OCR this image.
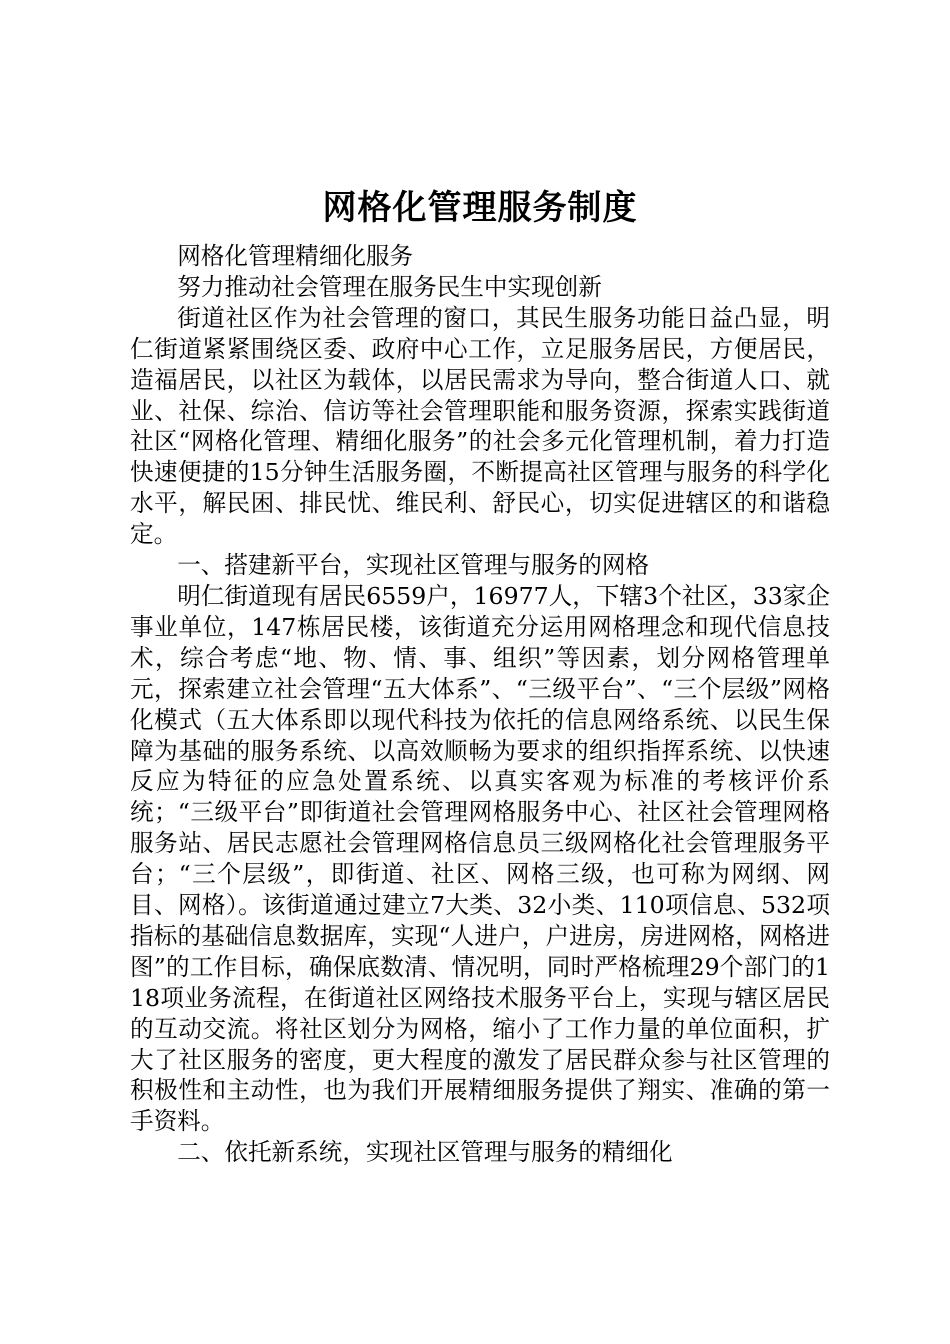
网格化管理服务制度

网格化管理精细化服务

努力推动社会管理在服务民生中实现创新

街道社区作为社会管理的窗口，其民生服务功能日益凸显，明仁街道紧紧围绕区委、政府中心工作，立足服务居民，方便居民，造福居民，以社区为载体，以居民需求为导向，整合街道人口、就业、社保、综治、信访等社会管理职能和服务资源，探索实践街道社区“网格化管理、精细化服务”的社会多元化管理机制，着力打造快速便捷的15分钟生活服务圈，不断提高社区管理与服务的科学化水平，解民困、排民忧、维民利、舒民心，切实促进辖区的和谐稳定。

一、搭建新平台，实现社区管理与服务的网格

明仁街道现有居民6559户，16977人，下辖3个社区，33家企事业单位，147栋居民楼，该街道充分运用网格理念和现代信息技术，综合考虑“地、物、情、事、组织”等因素，划分网格管理单元，探索建立社会管理“五大体系”、“三级平台”、“三个层级”网格化模式（五大体系即以现代科技为依托的信息网络系统、以民生保障为基础的服务系统、以高效顺畅为要求的组织指挥系统、以快速反应为特征的应急处置系统、以真实客观为标准的考核评价系统；“三级平台”即街道社会管理网格服务中心、社区社会管理网格服务站、居民志愿社会管理网格信息员三级网格化社会管理服务平台；“三个层级”，即街道、社区、网格三级，也可称为网纲、网目、网格）。该街道通过建立7大类、32小类、110项信息、532项指标的基础信息数据库，实现“人进户，户进房，房进网格，网格进图”的工作目标，确保底数清、情况明，同时严格梳理29个部门的118项业务流程，在街道社区网络技术服务平台上，实现与辖区居民的互动交流。将社区划分为网格，缩小了工作力量的单位面积，扩大了社区服务的密度，更大程度的激发了居民群众参与社区管理的积极性和主动性，也为我们开展精细服务提供了翔实、准确的第一手资料。

二、依托新系统，实现社区管理与服务的精细化
